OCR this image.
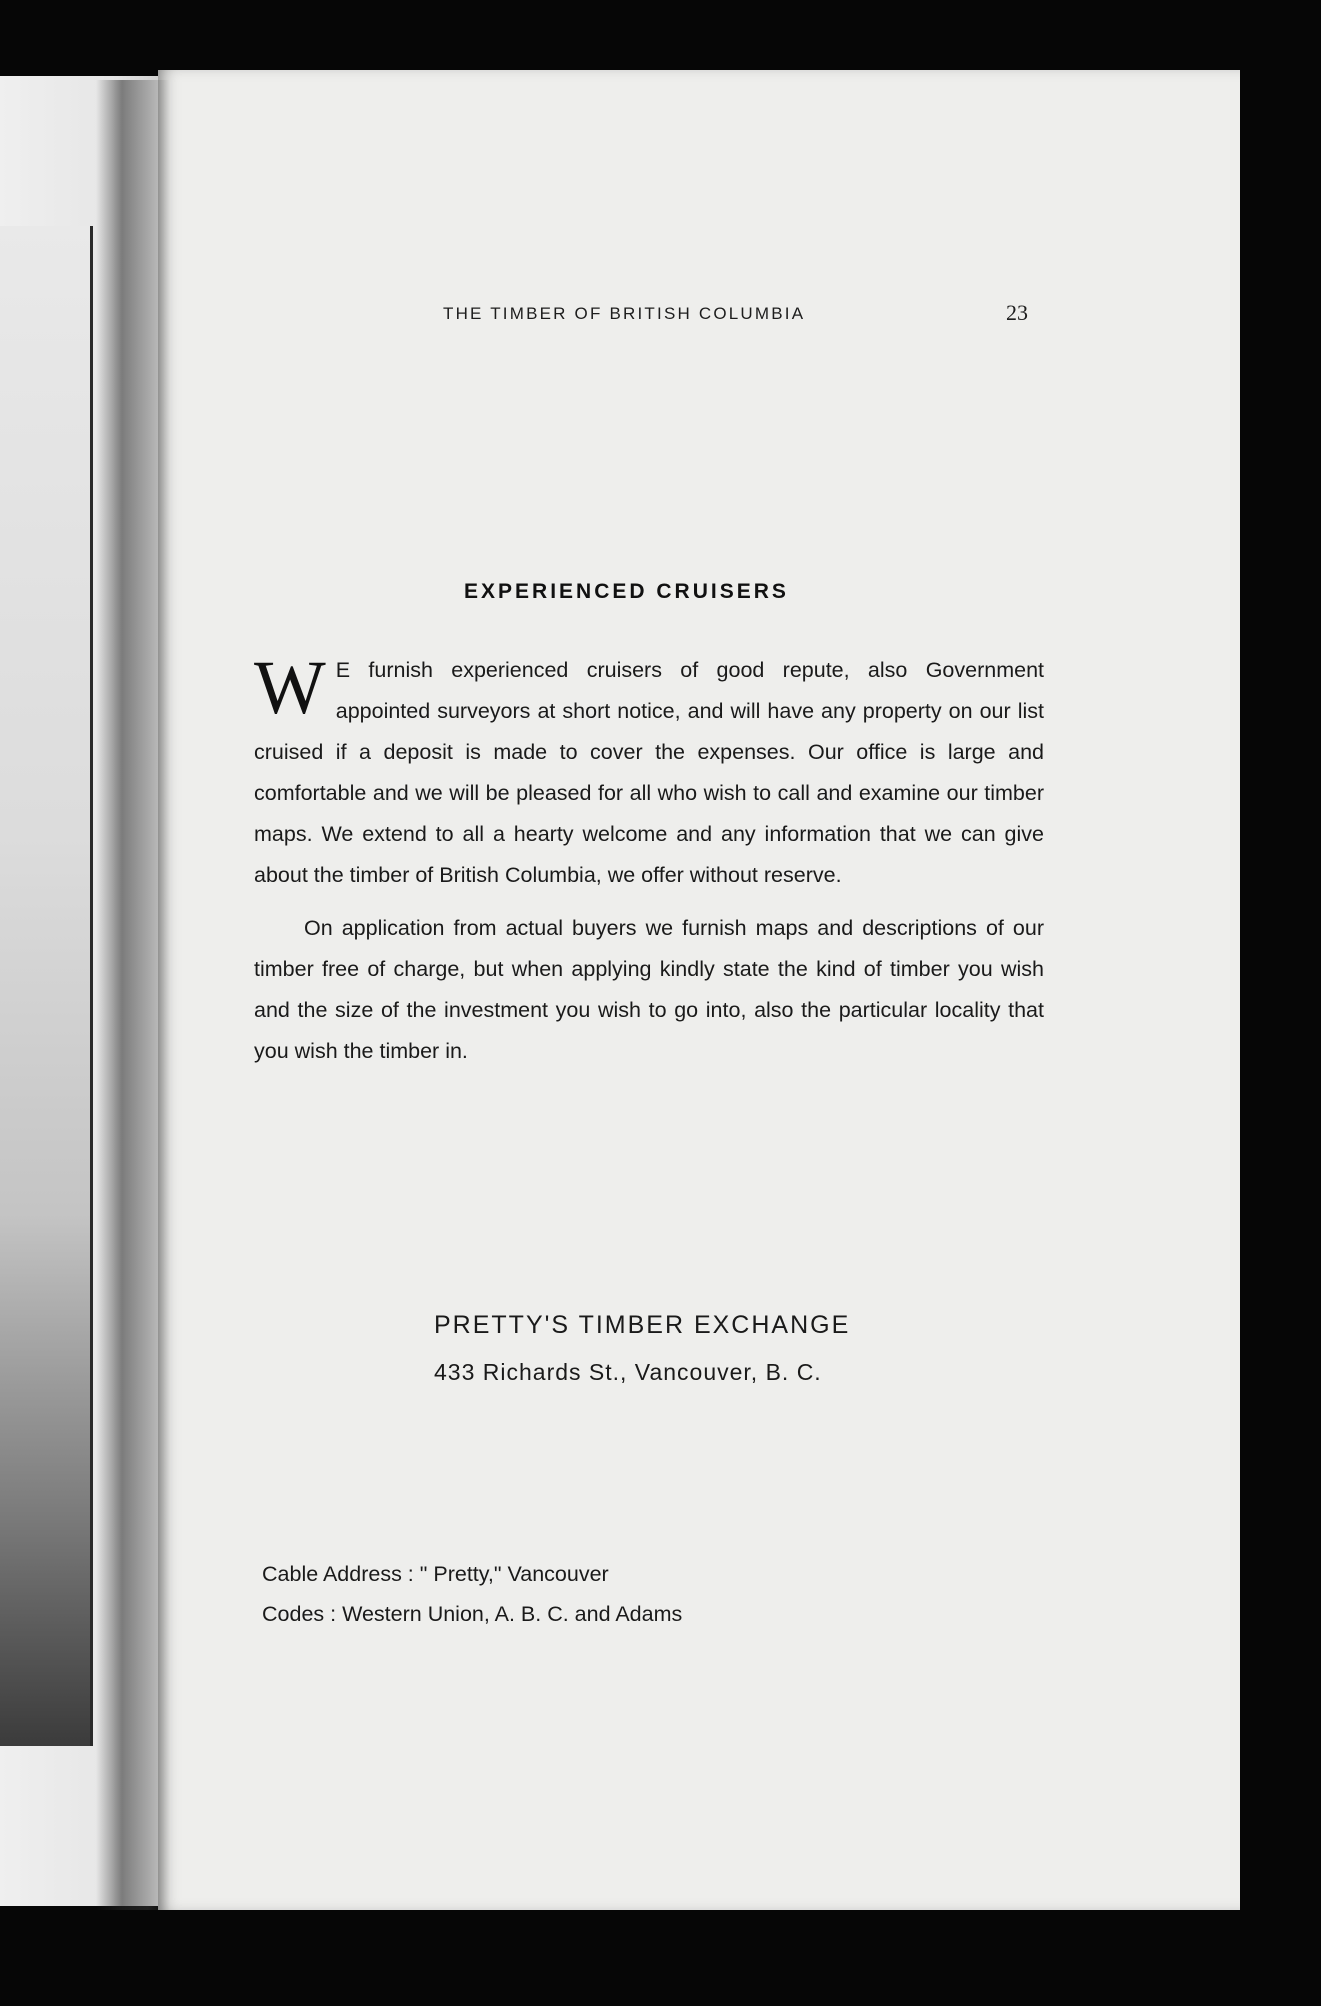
THE TIMBER OF BRITISH COLUMBIA	23
EXPERIENCED CRUISERS

W E furnish experienced cruisers of good repute, also Government appointed surveyors at short notice, and will have any property on our list cruised if a deposit is made to cover the expenses. Our office is large and comfortable and we will be pleased for all who wish to call and examine our timber maps. We extend to all a hearty welcome and any information that we can give about the timber of British Columbia, we offer without reserve.

On application from actual buyers we furnish maps and descriptions of our timber free of charge, but when applying kindly state the kind of timber you wish and the size of the investment you wish to go into, also the particular locality that you wish the timber in.

PRETTY'S TIMBER EXCHANGE
433 Richards St., Vancouver, B. C.
Cable Address : " Pretty," Vancouver
Codes : Western Union, A. B. C. and Adams
